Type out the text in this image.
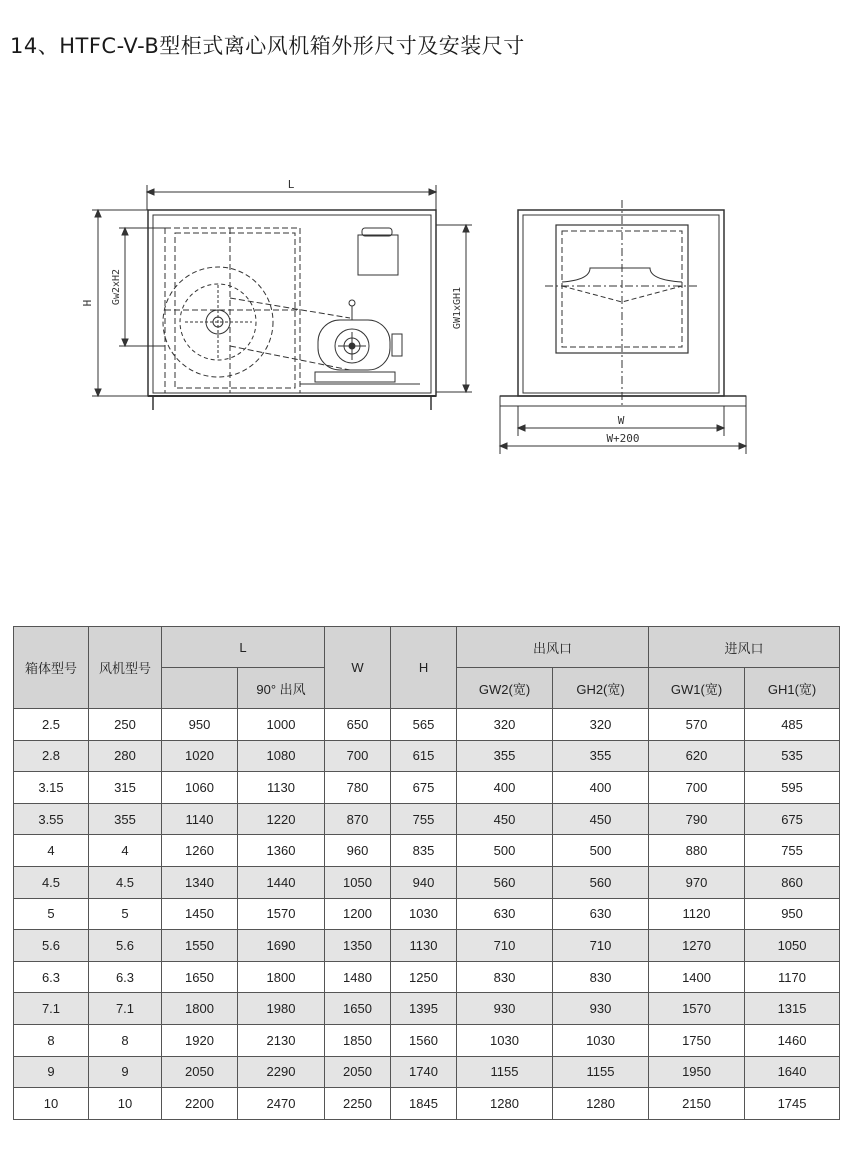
14、HTFC-V-B型柜式离心风机箱外形尺寸及安装尺寸
L
H Gw2xH2	GW1xGH1
W
W+200
箱体型号	风机型号	L		W	H	出风口		进风口	
			90° 出风			GW2(宽)	GH2(宽)	GW1(宽)	GH1(宽)
2.5	250	950	1000	650	565	320	320	570	485
2.8	280	1020	1080	700	615	355	355	620	535
3.15	315	1060	1130	780	675	400	400	700	595
3.55	355	1140	1220	870	755	450	450	790	675
4	4	1260	1360	960	835	500	500	880	755
4.5	4.5	1340	1440	1050	940	560	560	970	860
5	5	1450	1570	1200	1030	630	630	1120	950
5.6	5.6	1550	1690	1350	1130	710	710	1270	1050
6.3	6.3	1650	1800	1480	1250	830	830	1400	1170
7.1	7.1	1800	1980	1650	1395	930	930	1570	1315
8	8	1920	2130	1850	1560	1030	1030	1750	1460
9	9	2050	2290	2050	1740	1155	1155	1950	1640
10	10	2200	2470	2250	1845	1280	1280	2150	1745
